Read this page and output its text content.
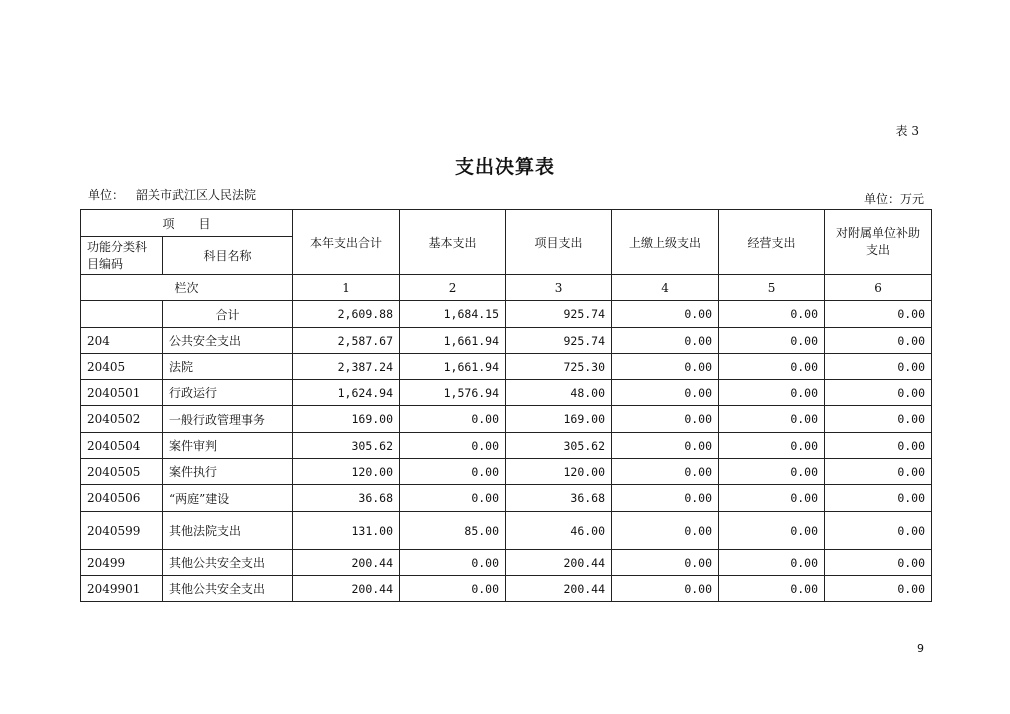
表 3
支出决算表
单位： 韶关市武江区人民法院	单位：万元
项　　目		本年支出合计	基本支出	项目支出	上缴上级支出	经营支出	对附属单位补助支出
功能分类科目编码	科目名称						
栏次		1	2	3	4	5	6
	合计	2,609.88	1,684.15	925.74	0.00	0.00	0.00
204	公共安全支出	2,587.67	1,661.94	925.74	0.00	0.00	0.00
20405	法院	2,387.24	1,661.94	725.30	0.00	0.00	0.00
2040501	行政运行	1,624.94	1,576.94	48.00	0.00	0.00	0.00
2040502	一般行政管理事务	169.00	0.00	169.00	0.00	0.00	0.00
2040504	案件审判	305.62	0.00	305.62	0.00	0.00	0.00
2040505	案件执行	120.00	0.00	120.00	0.00	0.00	0.00
2040506	“两庭”建设	36.68	0.00	36.68	0.00	0.00	0.00
2040599	其他法院支出	131.00	85.00	46.00	0.00	0.00	0.00
20499	其他公共安全支出	200.44	0.00	200.44	0.00	0.00	0.00
2049901	其他公共安全支出	200.44	0.00	200.44	0.00	0.00	0.00
9
